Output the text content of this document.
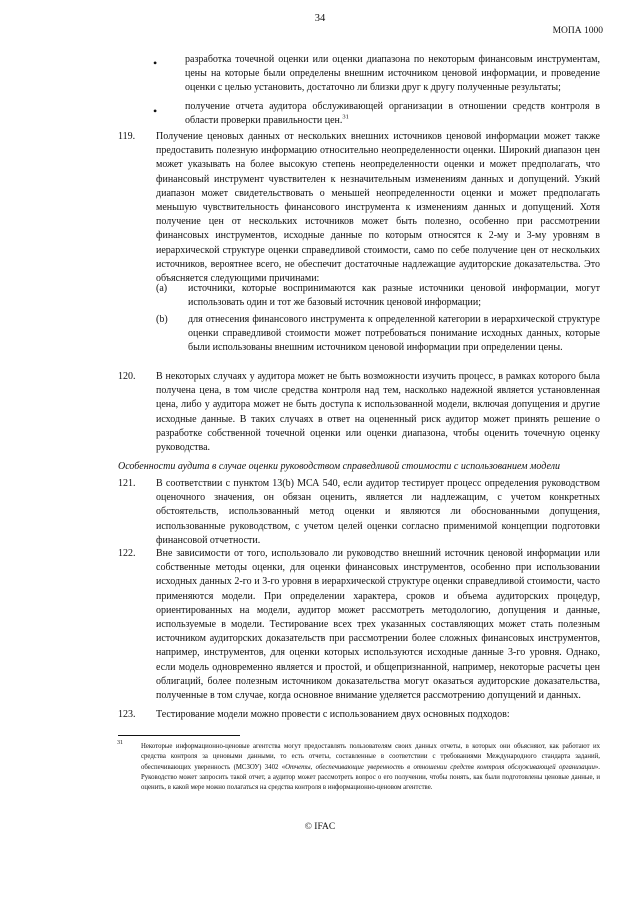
34
МОПА 1000
•	разработка точечной оценки или оценки диапазона по некоторым финансовым инструментам, цены на которые были определены внешним источником ценовой информации, и проведение оценки с целью установить, достаточно ли близки друг к другу полученные результаты;

•	получение отчета аудитора обслуживающей организации в отношении средств контроля в области проверки правильности цен.$^{31}$

119. Получение ценовых данных от нескольких внешних источников ценовой информации может также предоставить полезную информацию относительно неопределенности оценки. Широкий диапазон цен может указывать на более высокую степень неопределенности оценки и может предполагать, что финансовый инструмент чувствителен к незначительным изменениям данных и допущений. Узкий диапазон может свидетельствовать о меньшей неопределенности оценки и может предполагать меньшую чувствительность финансового инструмента к изменениям данных и допущений. Хотя получение цен от нескольких источников может быть полезно, особенно при рассмотрении финансовых инструментов, исходные данные по которым относятся к 2-му и 3-му уровням в иерархической структуре оценки справедливой стоимости, само по себе получение цен от нескольких источников, вероятнее всего, не обеспечит достаточные надлежащие аудиторские доказательства. Это объясняется следующими причинами:

(a) источники, которые воспринимаются как разные источники ценовой информации, могут использовать один и тот же базовый источник ценовой информации;

(b) для отнесения финансового инструмента к определенной категории в иерархической структуре оценки справедливой стоимости может потребоваться понимание исходных данных, которые были использованы внешним источником ценовой информации при определении цены.

120. В некоторых случаях у аудитора может не быть возможности изучить процесс, в рамках которого была получена цена, в том числе средства контроля над тем, насколько надежной является установленная цена, либо у аудитора может не быть доступа к использованной модели, включая допущения и другие исходные данные. В таких случаях в ответ на оцененный риск аудитор может принять решение о разработке собственной точечной оценки или оценки диапазона, чтобы оценить точечную оценку руководства.

Особенности аудита в случае оценки руководством справедливой стоимости с использованием модели
121. В соответствии с пунктом 13(b) МСА 540, если аудитор тестирует процесс определения руководством оценочного значения, он обязан оценить, является ли надлежащим, с учетом конкретных обстоятельств, использованный метод оценки и являются ли обоснованными допущения, использованные руководством, с учетом целей оценки согласно применимой концепции подготовки финансовой отчетности.

122. Вне зависимости от того, использовало ли руководство внешний источник ценовой информации или собственные методы оценки, для оценки финансовых инструментов, особенно при использовании исходных данных 2-го и 3-го уровня в иерархической структуре оценки справедливой стоимости, часто применяются модели. При определении характера, сроков и объема аудиторских процедур, ориентированных на модели, аудитор может рассмотреть методологию, допущения и данные, используемые в модели. Тестирование всех трех указанных составляющих может стать полезным источником аудиторских доказательств при рассмотрении более сложных финансовых инструментов, например, инструментов, для оценки которых используются исходные данные 3-го уровня. Однако, если модель одновременно является и простой, и общепризнанной, например, некоторые расчеты цен облигаций, более полезным источником доказательства могут оказаться аудиторские доказательства, полученные в том случае, когда основное внимание уделяется рассмотрению допущений и данных.

123. Тестирование модели можно провести с использованием двух основных подходов:

31	Некоторые информационно-ценовые агентства могут предоставлять пользователям своих данных отчеты, в которых они объясняют, как работают их средства контроля за ценовыми данными, то есть отчеты, составленные в соответствии с требованиями Международного стандарта заданий, обеспечивающих уверенность (МСЗОУ) 3402 «Отчеты, обеспечивающие уверенность в отношении средств контроля обслуживающей организации». Руководство может запросить такой отчет, а аудитор может рассмотреть вопрос о его получении, чтобы понять, как были подготовлены ценовые данные, и оценить, в какой мере можно полагаться на средства контроля в информационно-ценовом агентстве.

© IFAC
